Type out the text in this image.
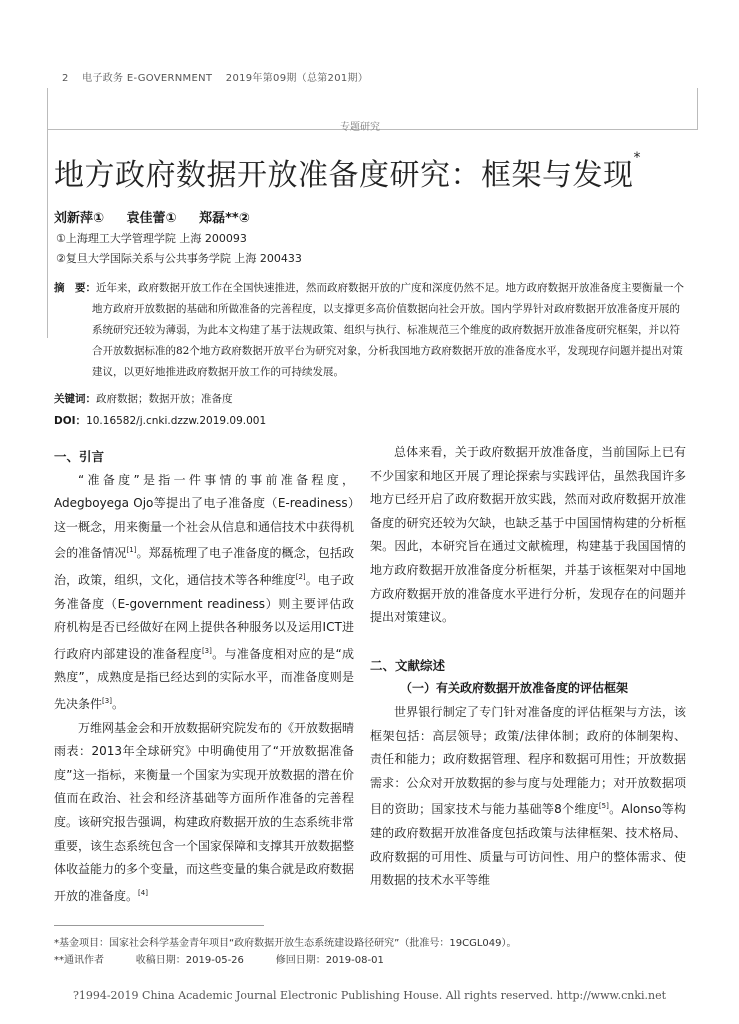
2 电子政务 E-GOVERNMENT 2019年第09期（总第201期）
专题研究
地方政府数据开放准备度研究：框架与发现*
刘新萍① 袁佳蕾① 郑磊**②
①上海理工大学管理学院 上海 200093
②复旦大学国际关系与公共事务学院 上海 200433
摘　要：近年来，政府数据开放工作在全国快速推进，然而政府数据开放的广度和深度仍然不足。地方政府数据开放准备度主要衡量一个地方政府开放数据的基础和所做准备的完善程度，以支撑更多高价值数据向社会开放。国内学界针对政府数据开放准备度开展的系统研究还较为薄弱，为此本文构建了基于法规政策、组织与执行、标准规范三个维度的政府数据开放准备度研究框架，并以符合开放数据标准的82个地方政府数据开放平台为研究对象，分析我国地方政府数据开放的准备度水平，发现现存问题并提出对策建议，以更好地推进政府数据开放工作的可持续发展。
关键词：政府数据；数据开放；准备度
DOI：10.16582/j.cnki.dzzw.2019.09.001
一、引言

“准备度”是指一件事情的事前准备程度，Adegboyega Ojo等提出了电子准备度（E-readiness）这一概念，用来衡量一个社会从信息和通信技术中获得机会的准备情况[1]。郑磊梳理了电子准备度的概念，包括政治，政策，组织，文化，通信技术等各种维度[2]。电子政务准备度（E-government readiness）则主要评估政府机构是否已经做好在网上提供各种服务以及运用ICT进行政府内部建设的准备程度[3]。与准备度相对应的是“成熟度”，成熟度是指已经达到的实际水平，而准备度则是先决条件[3]。

万维网基金会和开放数据研究院发布的《开放数据晴雨表：2013年全球研究》中明确使用了“开放数据准备度”这一指标，来衡量一个国家为实现开放数据的潜在价值而在政治、社会和经济基础等方面所作准备的完善程度。该研究报告强调，构建政府数据开放的生态系统非常重要，该生态系统包含一个国家保障和支撑其开放数据整体收益能力的多个变量，而这些变量的集合就是政府数据开放的准备度。[4]

总体来看，关于政府数据开放准备度，当前国际上已有不少国家和地区开展了理论探索与实践评估，虽然我国许多地方已经开启了政府数据开放实践，然而对政府数据开放准备度的研究还较为欠缺，也缺乏基于中国国情构建的分析框架。因此，本研究旨在通过文献梳理，构建基于我国国情的地方政府数据开放准备度分析框架，并基于该框架对中国地方政府数据开放的准备度水平进行分析，发现存在的问题并提出对策建议。

二、文献综述

（一）有关政府数据开放准备度的评估框架

世界银行制定了专门针对准备度的评估框架与方法，该框架包括：高层领导；政策/法律体制；政府的体制架构、责任和能力；政府数据管理、程序和数据可用性；开放数据需求：公众对开放数据的参与度与处理能力；对开放数据项目的资助；国家技术与能力基础等8个维度[5]。Alonso等构建的政府数据开放准备度包括政策与法律框架、技术格局、政府数据的可用性、质量与可访问性、用户的整体需求、使用数据的技术水平等维

*基金项目：国家社会科学基金青年项目“政府数据开放生态系统建设路径研究”（批准号：19CGL049）。
**通讯作者          收稿日期：2019-05-26          修回日期：2019-08-01
?1994-2019 China Academic Journal Electronic Publishing House. All rights reserved. http://www.cnki.net
